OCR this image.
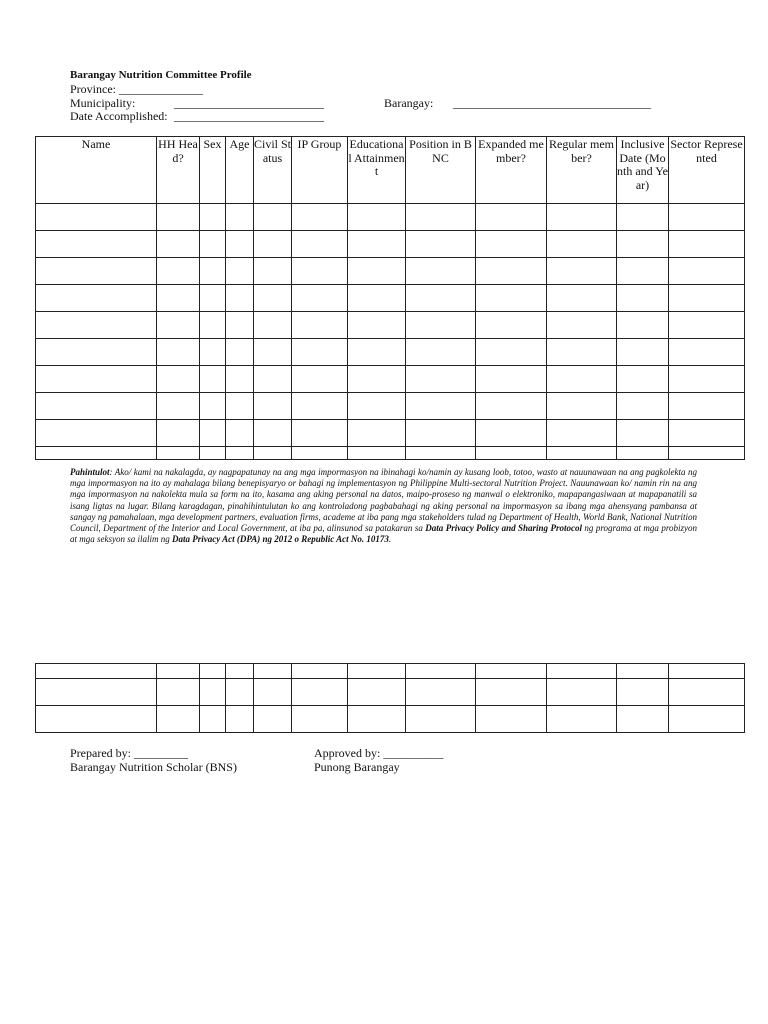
Barangay Nutrition Committee Profile
Province: ______________
Municipality:	_________________________	Barangay: _________________________________
Date Accomplished: _________________________
Name	HH Head?	Sex	Age	Civil Status	IP Group	Educational Attainment	Position in BNC	Expanded member?	Regular member?	Inclusive Date (Month and Year)	Sector Represented

Pahintulot: Ako/ kami na nakalagda, ay nagpapatunay na ang mga impormasyon na ibinahagi ko/namin ay kusang loob, totoo, wasto at nauunawaan na ang pagkolekta ng mga impormasyon na ito ay mahalaga bilang benepisyaryo or bahagi ng implementasyon ng Philippine Multi-sectoral Nutrition Project. Nauunawaan ko/ namin rin na ang mga impormasyon na nakolekta mula sa form na ito, kasama ang aking personal na datos, maipo-proseso ng manwal o elektroniko, mapapangasiwaan at mapapanatili sa isang ligtas na lugar. Bilang karagdagan, pinahihintulutan ko ang kontroladong pagbabahagi ng aking personal na impormasyon sa ibang mga ahensyang pambansa at sangay ng pamahalaan, mga development partners, evaluation firms, academe at iba pang mga stakeholders tulad ng Department of Health, World Bank, National Nutrition Council, Department of the Interior and Local Government, at iba pa, alinsunod sa patakaran sa Data Privacy Policy and Sharing Protocol ng programa at mga probizyon at mga seksyon sa ilalim ng Data Privacy Act (DPA) ng 2012 o Republic Act No. 10173.

Prepared by: _________
Barangay Nutrition Scholar (BNS)
Approved by: __________
Punong Barangay
